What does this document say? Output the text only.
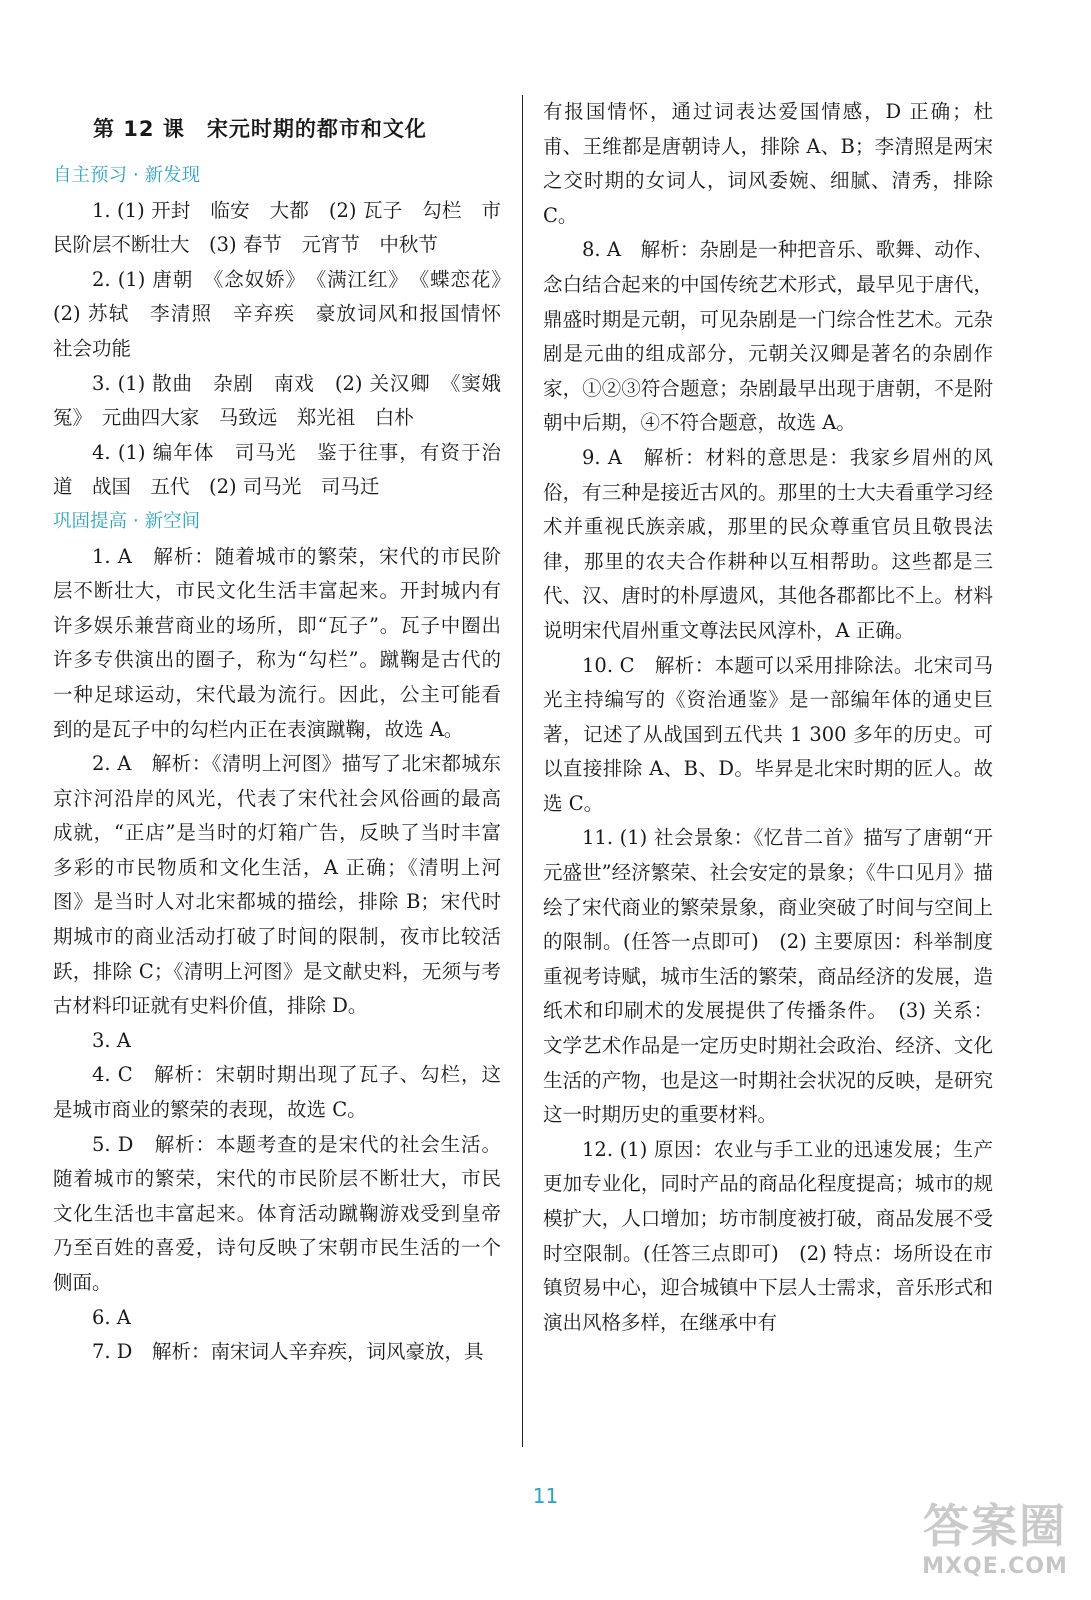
第 12 课　宋元时期的都市和文化
自主预习 · 新发现

1. (1) 开封　临安　大都　(2) 瓦子　勾栏　市民阶层不断壮大　(3) 春节　元宵节　中秋节

2. (1) 唐朝　《念奴娇》　《满江红》　《蝶恋花》　(2) 苏轼　李清照　辛弃疾　豪放词风和报国情怀　社会功能

3. (1) 散曲　杂剧　南戏　(2) 关汉卿　《窦娥冤》　元曲四大家　马致远　郑光祖　白朴

4. (1) 编年体　司马光　鉴于往事，有资于治道　战国　五代　(2) 司马光　司马迁

巩固提高 · 新空间

1. A　解析：随着城市的繁荣，宋代的市民阶层不断壮大，市民文化生活丰富起来。开封城内有许多娱乐兼营商业的场所，即“瓦子”。瓦子中圈出许多专供演出的圈子，称为“勾栏”。蹴鞠是古代的一种足球运动，宋代最为流行。因此，公主可能看到的是瓦子中的勾栏内正在表演蹴鞠，故选 A。

2. A　解析：《清明上河图》描写了北宋都城东京汴河沿岸的风光，代表了宋代社会风俗画的最高成就，“正店”是当时的灯箱广告，反映了当时丰富多彩的市民物质和文化生活，A 正确；《清明上河图》是当时人对北宋都城的描绘，排除 B；宋代时期城市的商业活动打破了时间的限制，夜市比较活跃，排除 C；《清明上河图》是文献史料，无须与考古材料印证就有史料价值，排除 D。

3. A

4. C　解析：宋朝时期出现了瓦子、勾栏，这是城市商业的繁荣的表现，故选 C。

5. D　解析：本题考查的是宋代的社会生活。随着城市的繁荣，宋代的市民阶层不断壮大，市民文化生活也丰富起来。体育活动蹴鞠游戏受到皇帝乃至百姓的喜爱，诗句反映了宋朝市民生活的一个侧面。

6. A

7. D　解析：南宋词人辛弃疾，词风豪放，具

有报国情怀，通过词表达爱国情感，D 正确；杜甫、王维都是唐朝诗人，排除 A、B；李清照是两宋之交时期的女词人，词风委婉、细腻、清秀，排除 C。

8. A　解析：杂剧是一种把音乐、歌舞、动作、念白结合起来的中国传统艺术形式，最早见于唐代，鼎盛时期是元朝，可见杂剧是一门综合性艺术。元杂剧是元曲的组成部分，元朝关汉卿是著名的杂剧作家，①②③符合题意；杂剧最早出现于唐朝，不是附朝中后期，④不符合题意，故选 A。

9. A　解析：材料的意思是：我家乡眉州的风俗，有三种是接近古风的。那里的士大夫看重学习经术并重视氏族亲戚，那里的民众尊重官员且敬畏法律，那里的农夫合作耕种以互相帮助。这些都是三代、汉、唐时的朴厚遗风，其他各郡都比不上。材料说明宋代眉州重文尊法民风淳朴，A 正确。

10. C　解析：本题可以采用排除法。北宋司马光主持编写的《资治通鉴》是一部编年体的通史巨著，记述了从战国到五代共 1 300 多年的历史。可以直接排除 A、B、D。毕昇是北宋时期的匠人。故选 C。

11. (1) 社会景象：《忆昔二首》描写了唐朝“开元盛世”经济繁荣、社会安定的景象；《牛口见月》描绘了宋代商业的繁荣景象，商业突破了时间与空间上的限制。(任答一点即可)　(2) 主要原因：科举制度重视考诗赋，城市生活的繁荣，商品经济的发展，造纸术和印刷术的发展提供了传播条件。　(3) 关系：文学艺术作品是一定历史时期社会政治、经济、文化生活的产物，也是这一时期社会状况的反映，是研究这一时期历史的重要材料。

12. (1) 原因：农业与手工业的迅速发展；生产更加专业化，同时产品的商品化程度提高；城市的规模扩大，人口增加；坊市制度被打破，商品发展不受时空限制。(任答三点即可)　(2) 特点：场所设在市镇贸易中心，迎合城镇中下层人士需求，音乐形式和演出风格多样，在继承中有

11
答案圈
MXQE.COM
